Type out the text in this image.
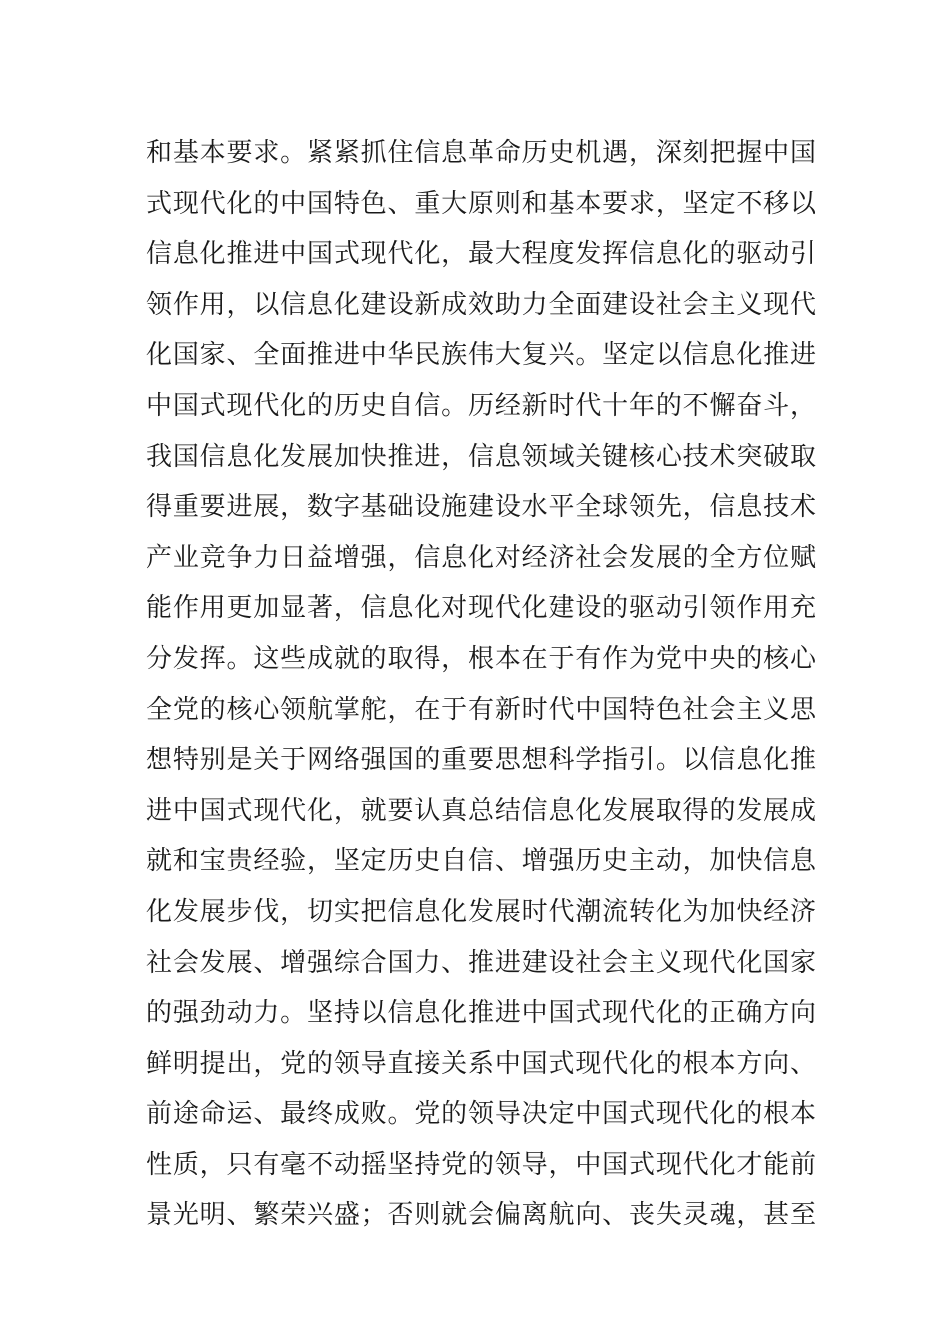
和基本要求。紧紧抓住信息革命历史机遇，深刻把握中国
式现代化的中国特色、重大原则和基本要求，坚定不移以
信息化推进中国式现代化，最大程度发挥信息化的驱动引
领作用，以信息化建设新成效助力全面建设社会主义现代
化国家、全面推进中华民族伟大复兴。坚定以信息化推进
中国式现代化的历史自信。历经新时代十年的不懈奋斗，
我国信息化发展加快推进，信息领域关键核心技术突破取
得重要进展，数字基础设施建设水平全球领先，信息技术
产业竞争力日益增强，信息化对经济社会发展的全方位赋
能作用更加显著，信息化对现代化建设的驱动引领作用充
分发挥。这些成就的取得，根本在于有作为党中央的核心
全党的核心领航掌舵，在于有新时代中国特色社会主义思
想特别是关于网络强国的重要思想科学指引。以信息化推
进中国式现代化，就要认真总结信息化发展取得的发展成
就和宝贵经验，坚定历史自信、增强历史主动，加快信息
化发展步伐，切实把信息化发展时代潮流转化为加快经济
社会发展、增强综合国力、推进建设社会主义现代化国家
的强劲动力。坚持以信息化推进中国式现代化的正确方向
鲜明提出，党的领导直接关系中国式现代化的根本方向、
前途命运、最终成败。党的领导决定中国式现代化的根本
性质，只有毫不动摇坚持党的领导，中国式现代化才能前
景光明、繁荣兴盛；否则就会偏离航向、丧失灵魂，甚至
